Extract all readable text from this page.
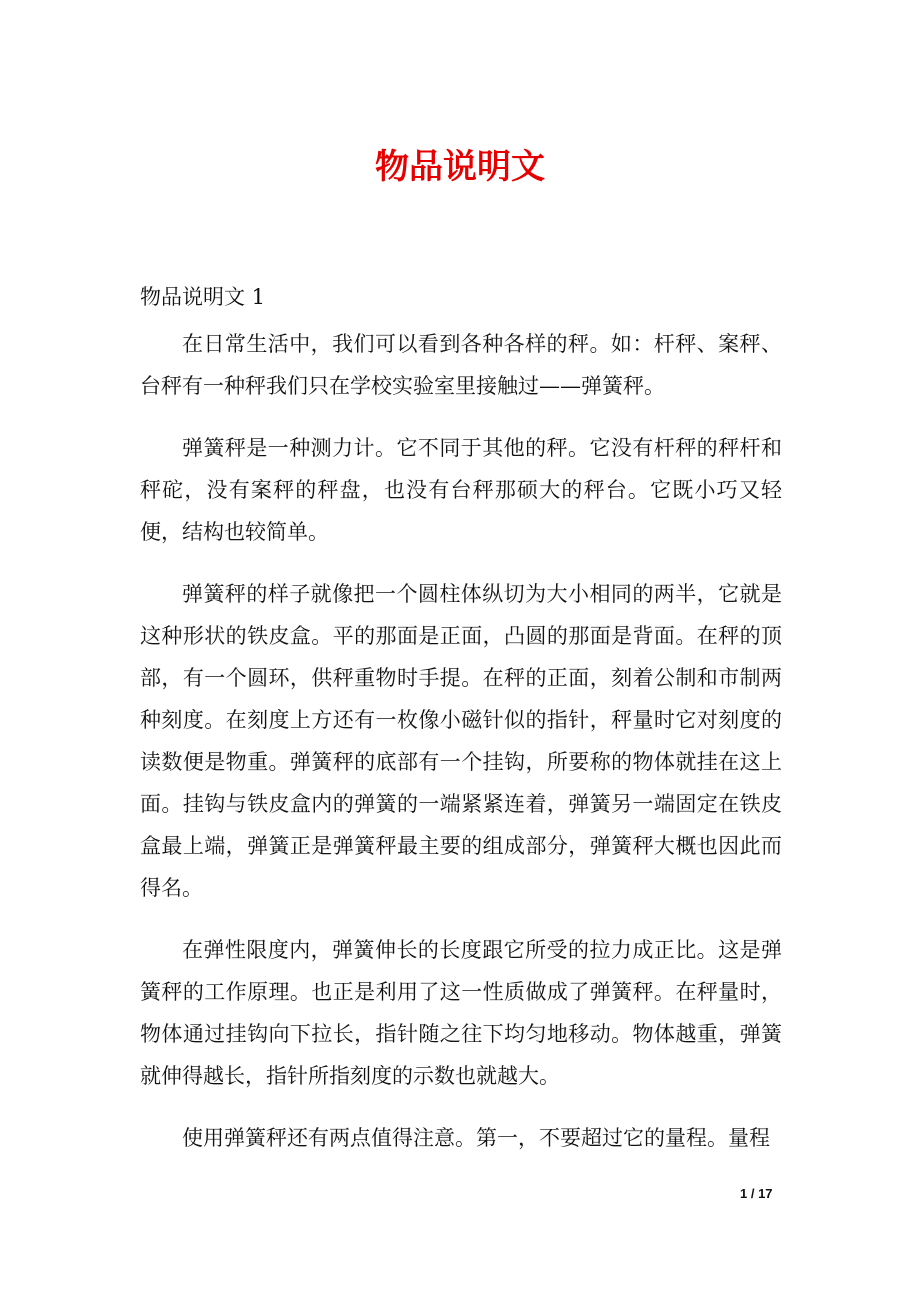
物品说明文

物品说明文 1

在日常生活中，我们可以看到各种各样的秤。如：杆秤、案秤、台秤有一种秤我们只在学校实验室里接触过——弹簧秤。

弹簧秤是一种测力计。它不同于其他的秤。它没有杆秤的秤杆和秤砣，没有案秤的秤盘，也没有台秤那硕大的秤台。它既小巧又轻便，结构也较简单。

弹簧秤的样子就像把一个圆柱体纵切为大小相同的两半，它就是这种形状的铁皮盒。平的那面是正面，凸圆的那面是背面。在秤的顶部，有一个圆环，供秤重物时手提。在秤的正面，刻着公制和市制两种刻度。在刻度上方还有一枚像小磁针似的指针，秤量时它对刻度的读数便是物重。弹簧秤的底部有一个挂钩，所要称的物体就挂在这上面。挂钩与铁皮盒内的弹簧的一端紧紧连着，弹簧另一端固定在铁皮盒最上端，弹簧正是弹簧秤最主要的组成部分，弹簧秤大概也因此而得名。

在弹性限度内，弹簧伸长的长度跟它所受的拉力成正比。这是弹簧秤的工作原理。也正是利用了这一性质做成了弹簧秤。在秤量时，物体通过挂钩向下拉长，指针随之往下均匀地移动。物体越重，弹簧就伸得越长，指针所指刻度的示数也就越大。

使用弹簧秤还有两点值得注意。第一，不要超过它的量程。量程

1 / 17
